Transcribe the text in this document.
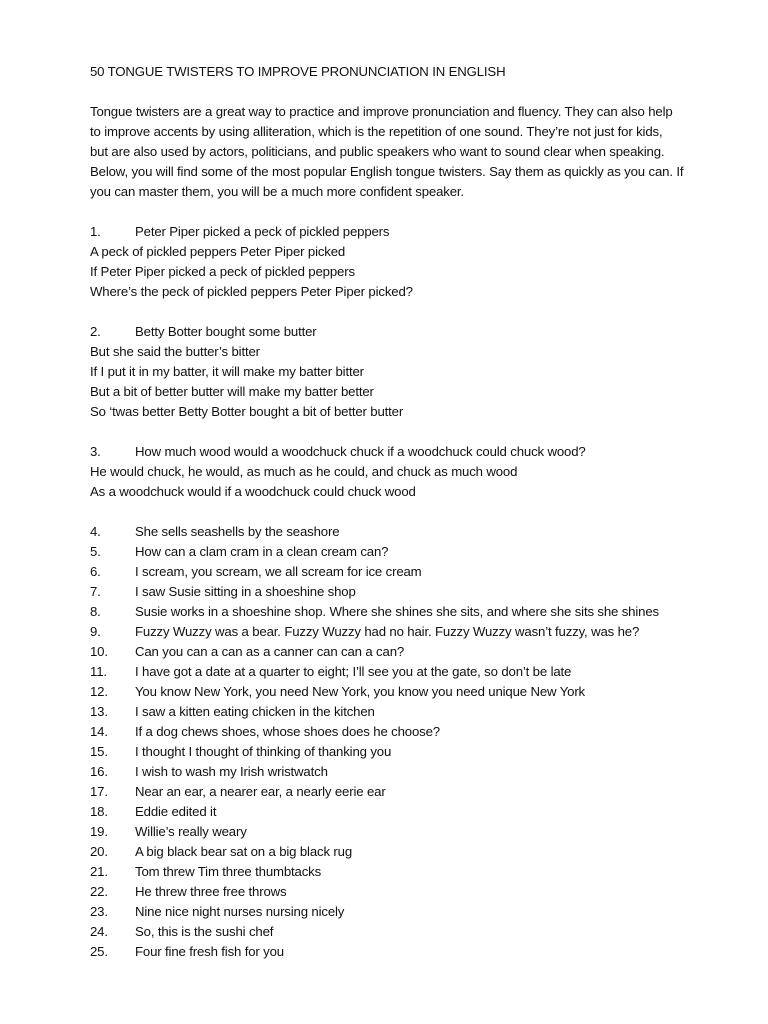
50 TONGUE TWISTERS TO IMPROVE PRONUNCIATION IN ENGLISH
Tongue twisters are a great way to practice and improve pronunciation and fluency. They can also help
to improve accents by using alliteration, which is the repetition of one sound. They’re not just for kids,
but are also used by actors, politicians, and public speakers who want to sound clear when speaking.
Below, you will find some of the most popular English tongue twisters. Say them as quickly as you can. If
you can master them, you will be a much more confident speaker.
1.	Peter Piper picked a peck of pickled peppers
A peck of pickled peppers Peter Piper picked
If Peter Piper picked a peck of pickled peppers
Where’s the peck of pickled peppers Peter Piper picked?
2.	Betty Botter bought some butter
But she said the butter’s bitter
If I put it in my batter, it will make my batter bitter
But a bit of better butter will make my batter better
So ‘twas better Betty Botter bought a bit of better butter
3.	How much wood would a woodchuck chuck if a woodchuck could chuck wood?
He would chuck, he would, as much as he could, and chuck as much wood
As a woodchuck would if a woodchuck could chuck wood
4.	She sells seashells by the seashore
5.	How can a clam cram in a clean cream can?
6.	I scream, you scream, we all scream for ice cream
7.	I saw Susie sitting in a shoeshine shop
8.	Susie works in a shoeshine shop. Where she shines she sits, and where she sits she shines
9.	Fuzzy Wuzzy was a bear. Fuzzy Wuzzy had no hair. Fuzzy Wuzzy wasn’t fuzzy, was he?
10. Can you can a can as a canner can can a can?
11. I have got a date at a quarter to eight; I’ll see you at the gate, so don’t be late
12. You know New York, you need New York, you know you need unique New York
13. I saw a kitten eating chicken in the kitchen
14. If a dog chews shoes, whose shoes does he choose?
15. I thought I thought of thinking of thanking you
16. I wish to wash my Irish wristwatch
17. Near an ear, a nearer ear, a nearly eerie ear
18. Eddie edited it
19. Willie’s really weary
20. A big black bear sat on a big black rug
21. Tom threw Tim three thumbtacks
22. He threw three free throws
23. Nine nice night nurses nursing nicely
24. So, this is the sushi chef
25. Four fine fresh fish for you
